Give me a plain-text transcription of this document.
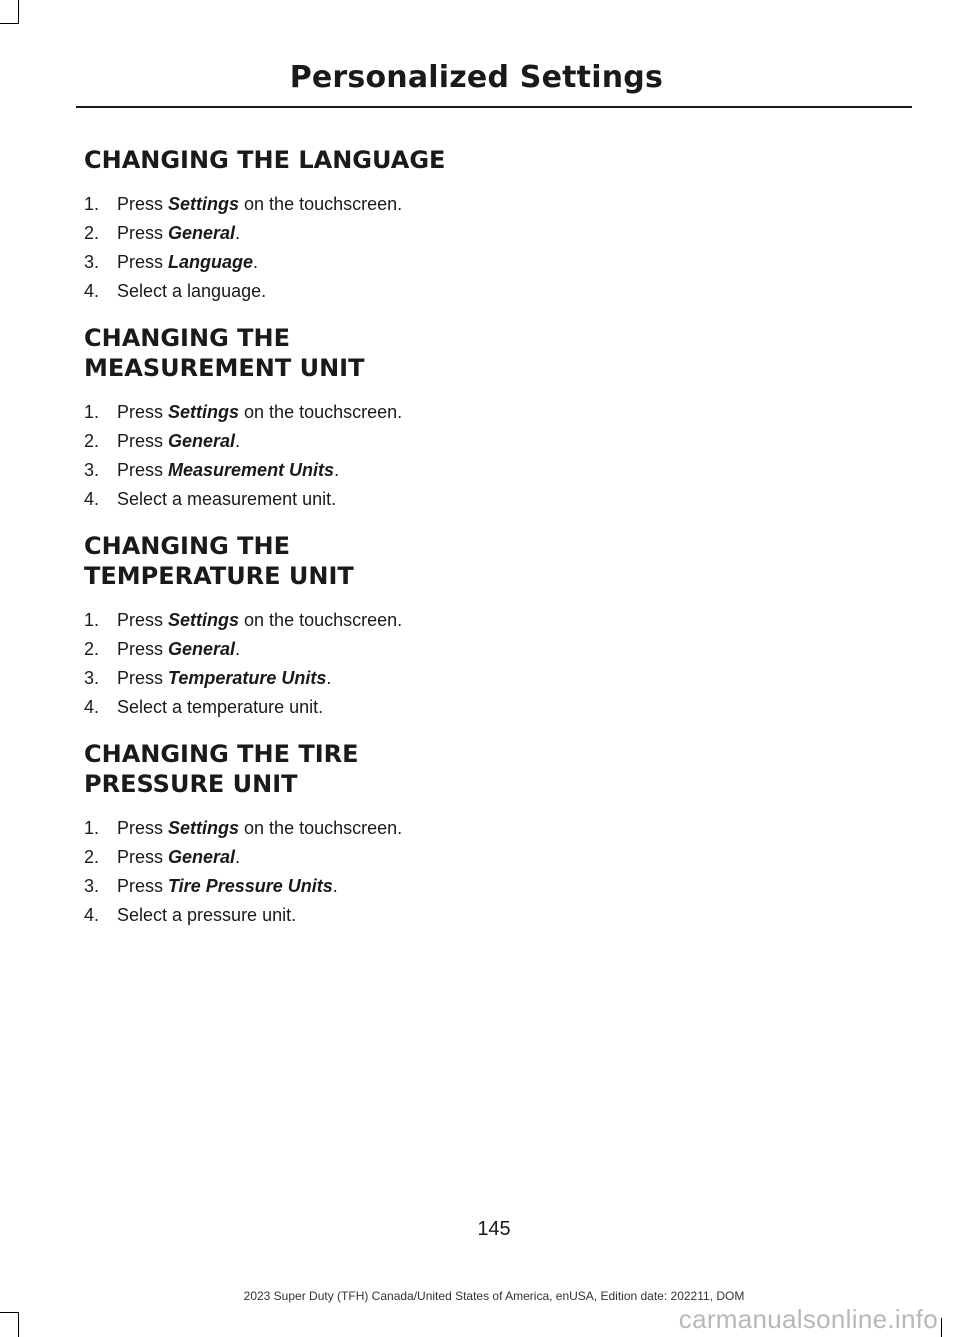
Personalized Settings
CHANGING THE LANGUAGE
1. Press Settings on the touchscreen.
2. Press General.
3. Press Language.
4. Select a language.
CHANGING THE
MEASUREMENT UNIT
1. Press Settings on the touchscreen.
2. Press General.
3. Press Measurement Units.
4. Select a measurement unit.
CHANGING THE
TEMPERATURE UNIT
1. Press Settings on the touchscreen.
2. Press General.
3. Press Temperature Units.
4. Select a temperature unit.
CHANGING THE TIRE
PRESSURE UNIT
1. Press Settings on the touchscreen.
2. Press General.
3. Press Tire Pressure Units.
4. Select a pressure unit.
145
2023 Super Duty (TFH) Canada/United States of America, enUSA, Edition date: 202211, DOM
carmanualsonline.info
